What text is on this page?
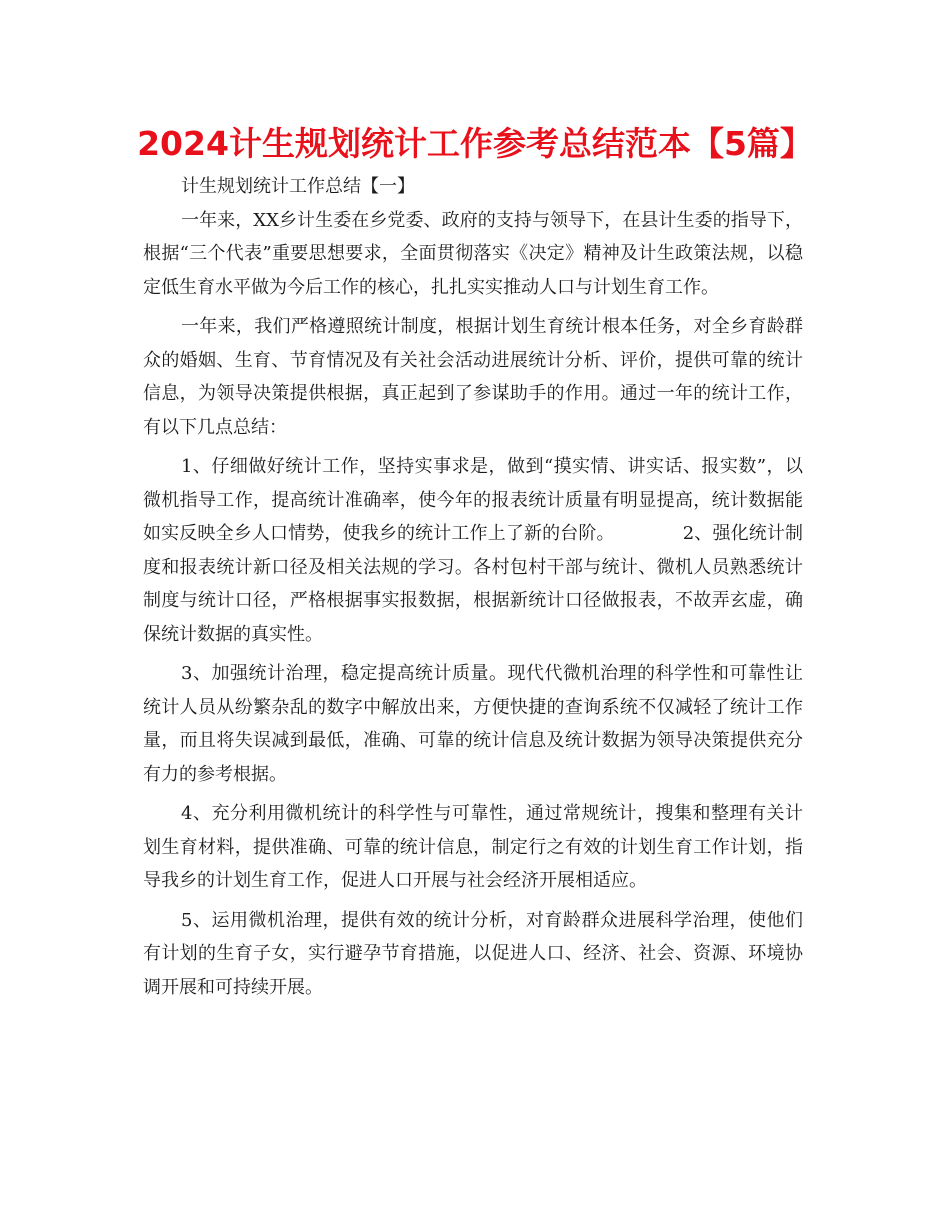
2024计生规划统计工作参考总结范本【5篇】

计生规划统计工作总结【一】

一年来，XX乡计生委在乡党委、政府的支持与领导下，在县计生委的指导下，根据“三个代表”重要思想要求，全面贯彻落实《决定》精神及计生政策法规，以稳定低生育水平做为今后工作的核心，扎扎实实推动人口与计划生育工作。

一年来，我们严格遵照统计制度，根据计划生育统计根本任务，对全乡育龄群众的婚姻、生育、节育情况及有关社会活动进展统计分析、评价，提供可靠的统计信息，为领导决策提供根据，真正起到了参谋助手的作用。通过一年的统计工作，有以下几点总结：

1、仔细做好统计工作，坚持实事求是，做到“摸实情、讲实话、报实数”，以微机指导工作，提高统计准确率，使今年的报表统计质量有明显提高，统计数据能如实反映全乡人口情势，使我乡的统计工作上了新的台阶。	2、强化统计制度和报表统计新口径及相关法规的学习。各村包村干部与统计、微机人员熟悉统计制度与统计口径，严格根据事实报数据，根据新统计口径做报表，不故弄玄虚，确保统计数据的真实性。

3、加强统计治理，稳定提高统计质量。现代代微机治理的科学性和可靠性让统计人员从纷繁杂乱的数字中解放出来，方便快捷的查询系统不仅减轻了统计工作量，而且将失误减到最低，准确、可靠的统计信息及统计数据为领导决策提供充分有力的参考根据。

4、充分利用微机统计的科学性与可靠性，通过常规统计，搜集和整理有关计划生育材料，提供准确、可靠的统计信息，制定行之有效的计划生育工作计划，指导我乡的计划生育工作，促进人口开展与社会经济开展相适应。

5、运用微机治理，提供有效的统计分析，对育龄群众进展科学治理，使他们有计划的生育子女，实行避孕节育措施，以促进人口、经济、社会、资源、环境协调开展和可持续开展。
